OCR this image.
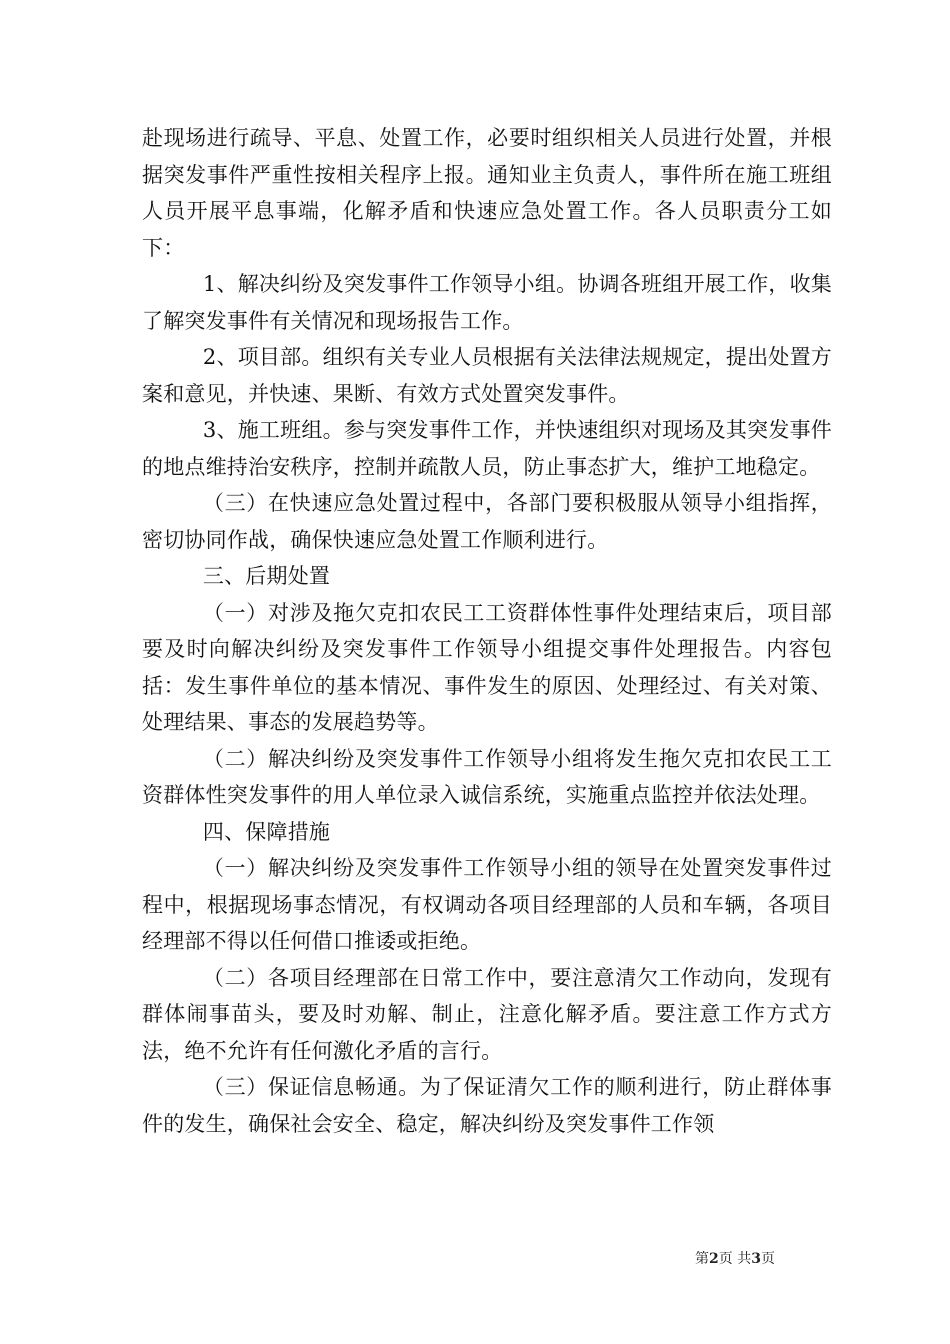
赴现场进行疏导、平息、处置工作，必要时组织相关人员进行处置，并根据突发事件严重性按相关程序上报。通知业主负责人，事件所在施工班组人员开展平息事端，化解矛盾和快速应急处置工作。各人员职责分工如下：

1、解决纠纷及突发事件工作领导小组。协调各班组开展工作，收集了解突发事件有关情况和现场报告工作。

2、项目部。组织有关专业人员根据有关法律法规规定，提出处置方案和意见，并快速、果断、有效方式处置突发事件。

3、施工班组。参与突发事件工作，并快速组织对现场及其突发事件的地点维持治安秩序，控制并疏散人员，防止事态扩大，维护工地稳定。

（三）在快速应急处置过程中，各部门要积极服从领导小组指挥，密切协同作战，确保快速应急处置工作顺利进行。

三、后期处置

（一）对涉及拖欠克扣农民工工资群体性事件处理结束后，项目部要及时向解决纠纷及突发事件工作领导小组提交事件处理报告。内容包括：发生事件单位的基本情况、事件发生的原因、处理经过、有关对策、处理结果、事态的发展趋势等。

（二）解决纠纷及突发事件工作领导小组将发生拖欠克扣农民工工资群体性突发事件的用人单位录入诚信系统，实施重点监控并依法处理。

四、保障措施

（一）解决纠纷及突发事件工作领导小组的领导在处置突发事件过程中，根据现场事态情况，有权调动各项目经理部的人员和车辆，各项目经理部不得以任何借口推诿或拒绝。

（二）各项目经理部在日常工作中，要注意清欠工作动向，发现有群体闹事苗头，要及时劝解、制止，注意化解矛盾。要注意工作方式方法，绝不允许有任何激化矛盾的言行。

（三）保证信息畅通。为了保证清欠工作的顺利进行，防止群体事件的发生，确保社会安全、稳定，解决纠纷及突发事件工作领

第2页 共3页
